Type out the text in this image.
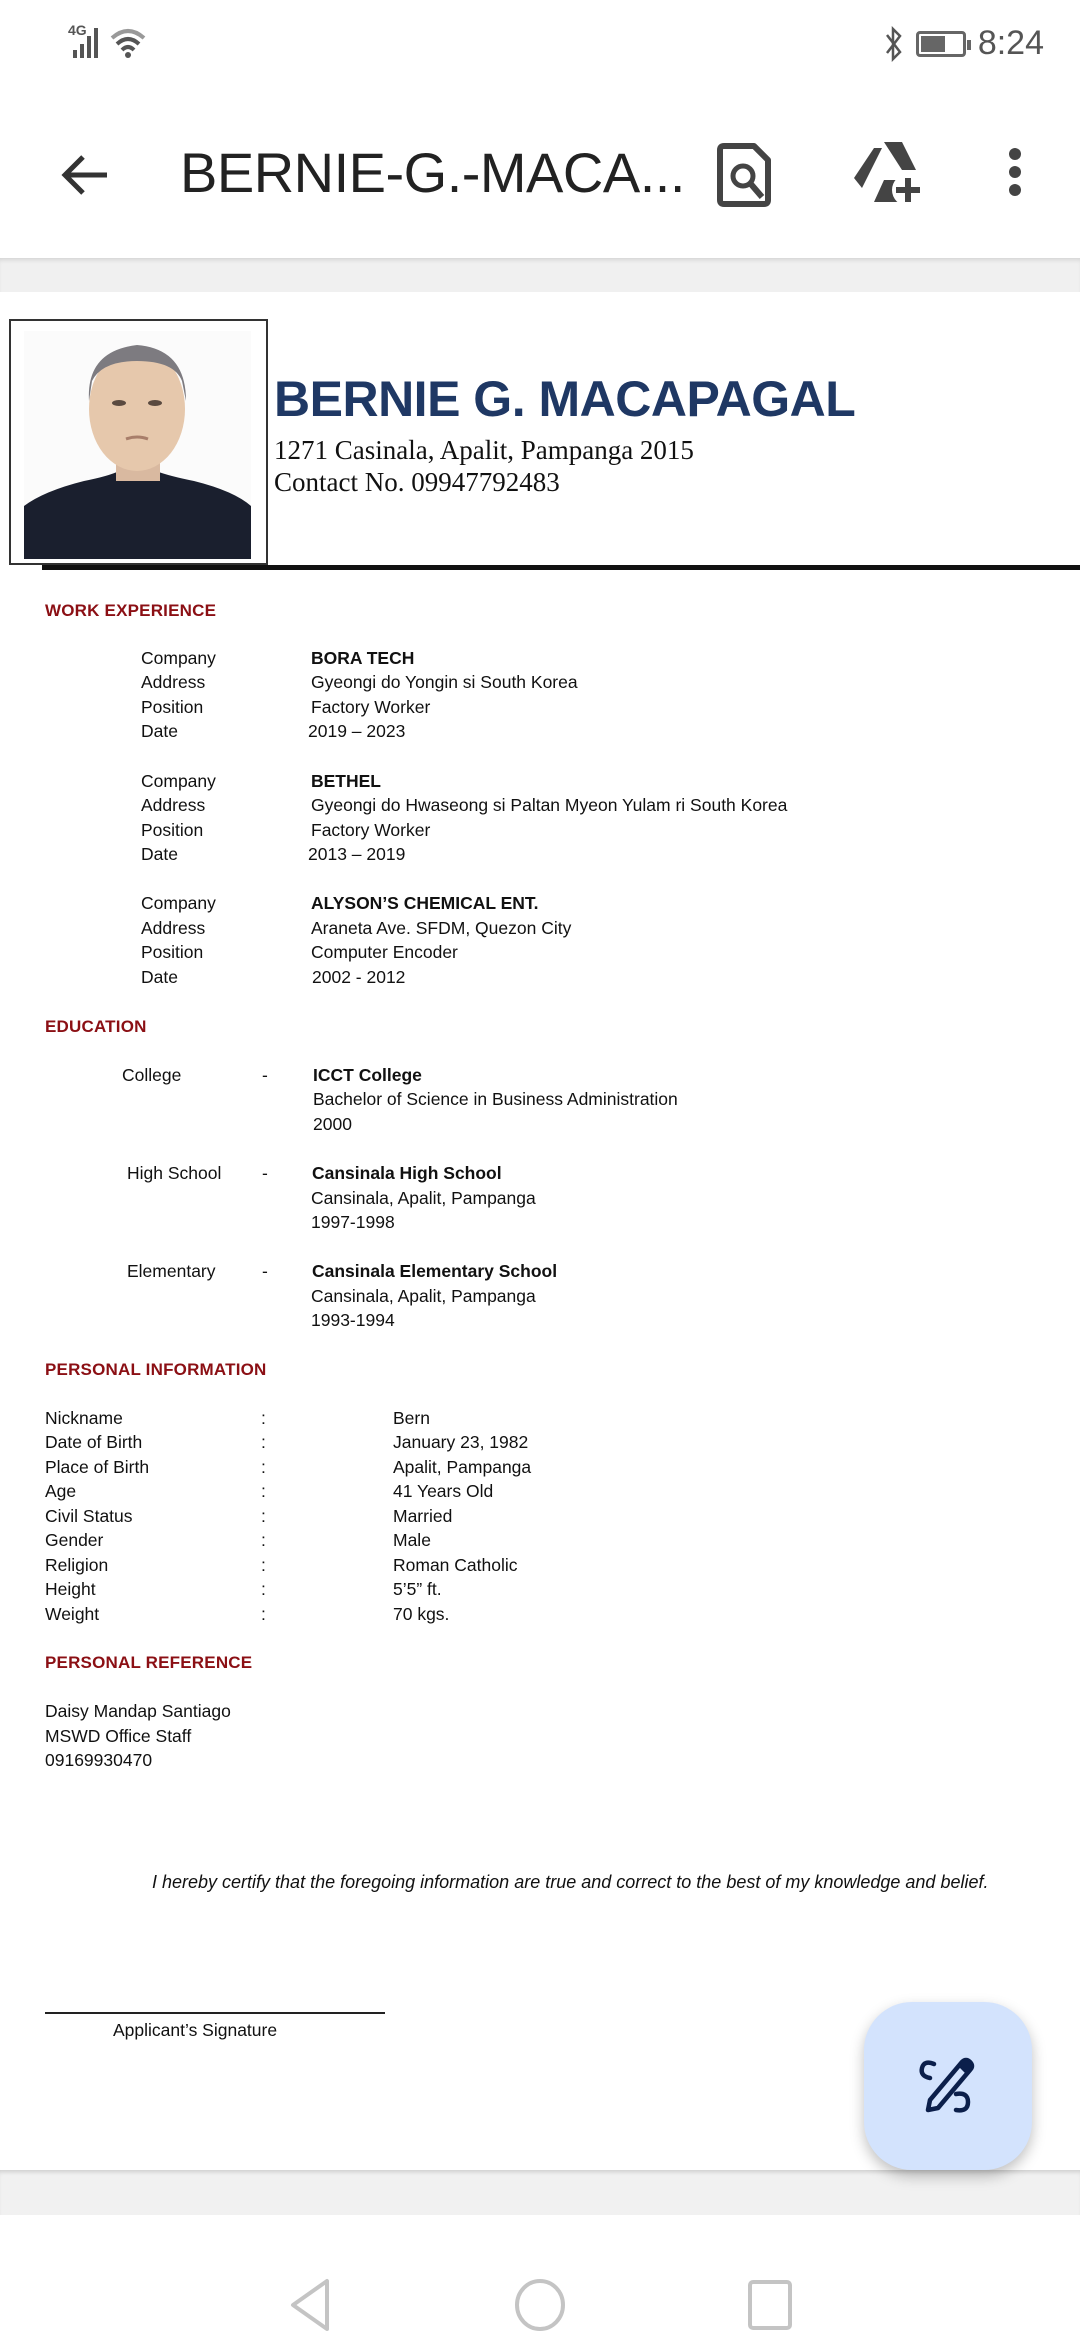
4G	8:24
BERNIE-G.-MACA...
BERNIE G. MACAPAGAL
1271 Casinala, Apalit, Pampanga 2015
Contact No. 09947792483
WORK EXPERIENCE
Company	BORA TECH
Address	Gyeongi do Yongin si South Korea
Position	Factory Worker
Date	2019 – 2023
Company	BETHEL
Address	Gyeongi do Hwaseong si Paltan Myeon Yulam ri South Korea
Position	Factory Worker
Date	2013 – 2019
Company	ALYSON’S CHEMICAL ENT.
Address	Araneta Ave. SFDM, Quezon City
Position	Computer Encoder
Date	2002 - 2012
EDUCATION
College	-	ICCT College
Bachelor of Science in Business Administration
2000
High School -	Cansinala High School
Cansinala, Apalit, Pampanga
1997-1998
Elementary	-	Cansinala Elementary School
Cansinala, Apalit, Pampanga
1993-1994
PERSONAL INFORMATION
Nickname	:	Bern
Date of Birth	:	January 23, 1982
Place of Birth	:	Apalit, Pampanga
Age	:	41 Years Old
Civil Status	:	Married
Gender	:	Male
Religion	:	Roman Catholic
Height	:	5’5” ft.
Weight	:	70 kgs.
PERSONAL REFERENCE
Daisy Mandap Santiago
MSWD Office Staff
09169930470
I hereby certify that the foregoing information are true and correct to the best of my knowledge and belief.
Applicant’s Signature
